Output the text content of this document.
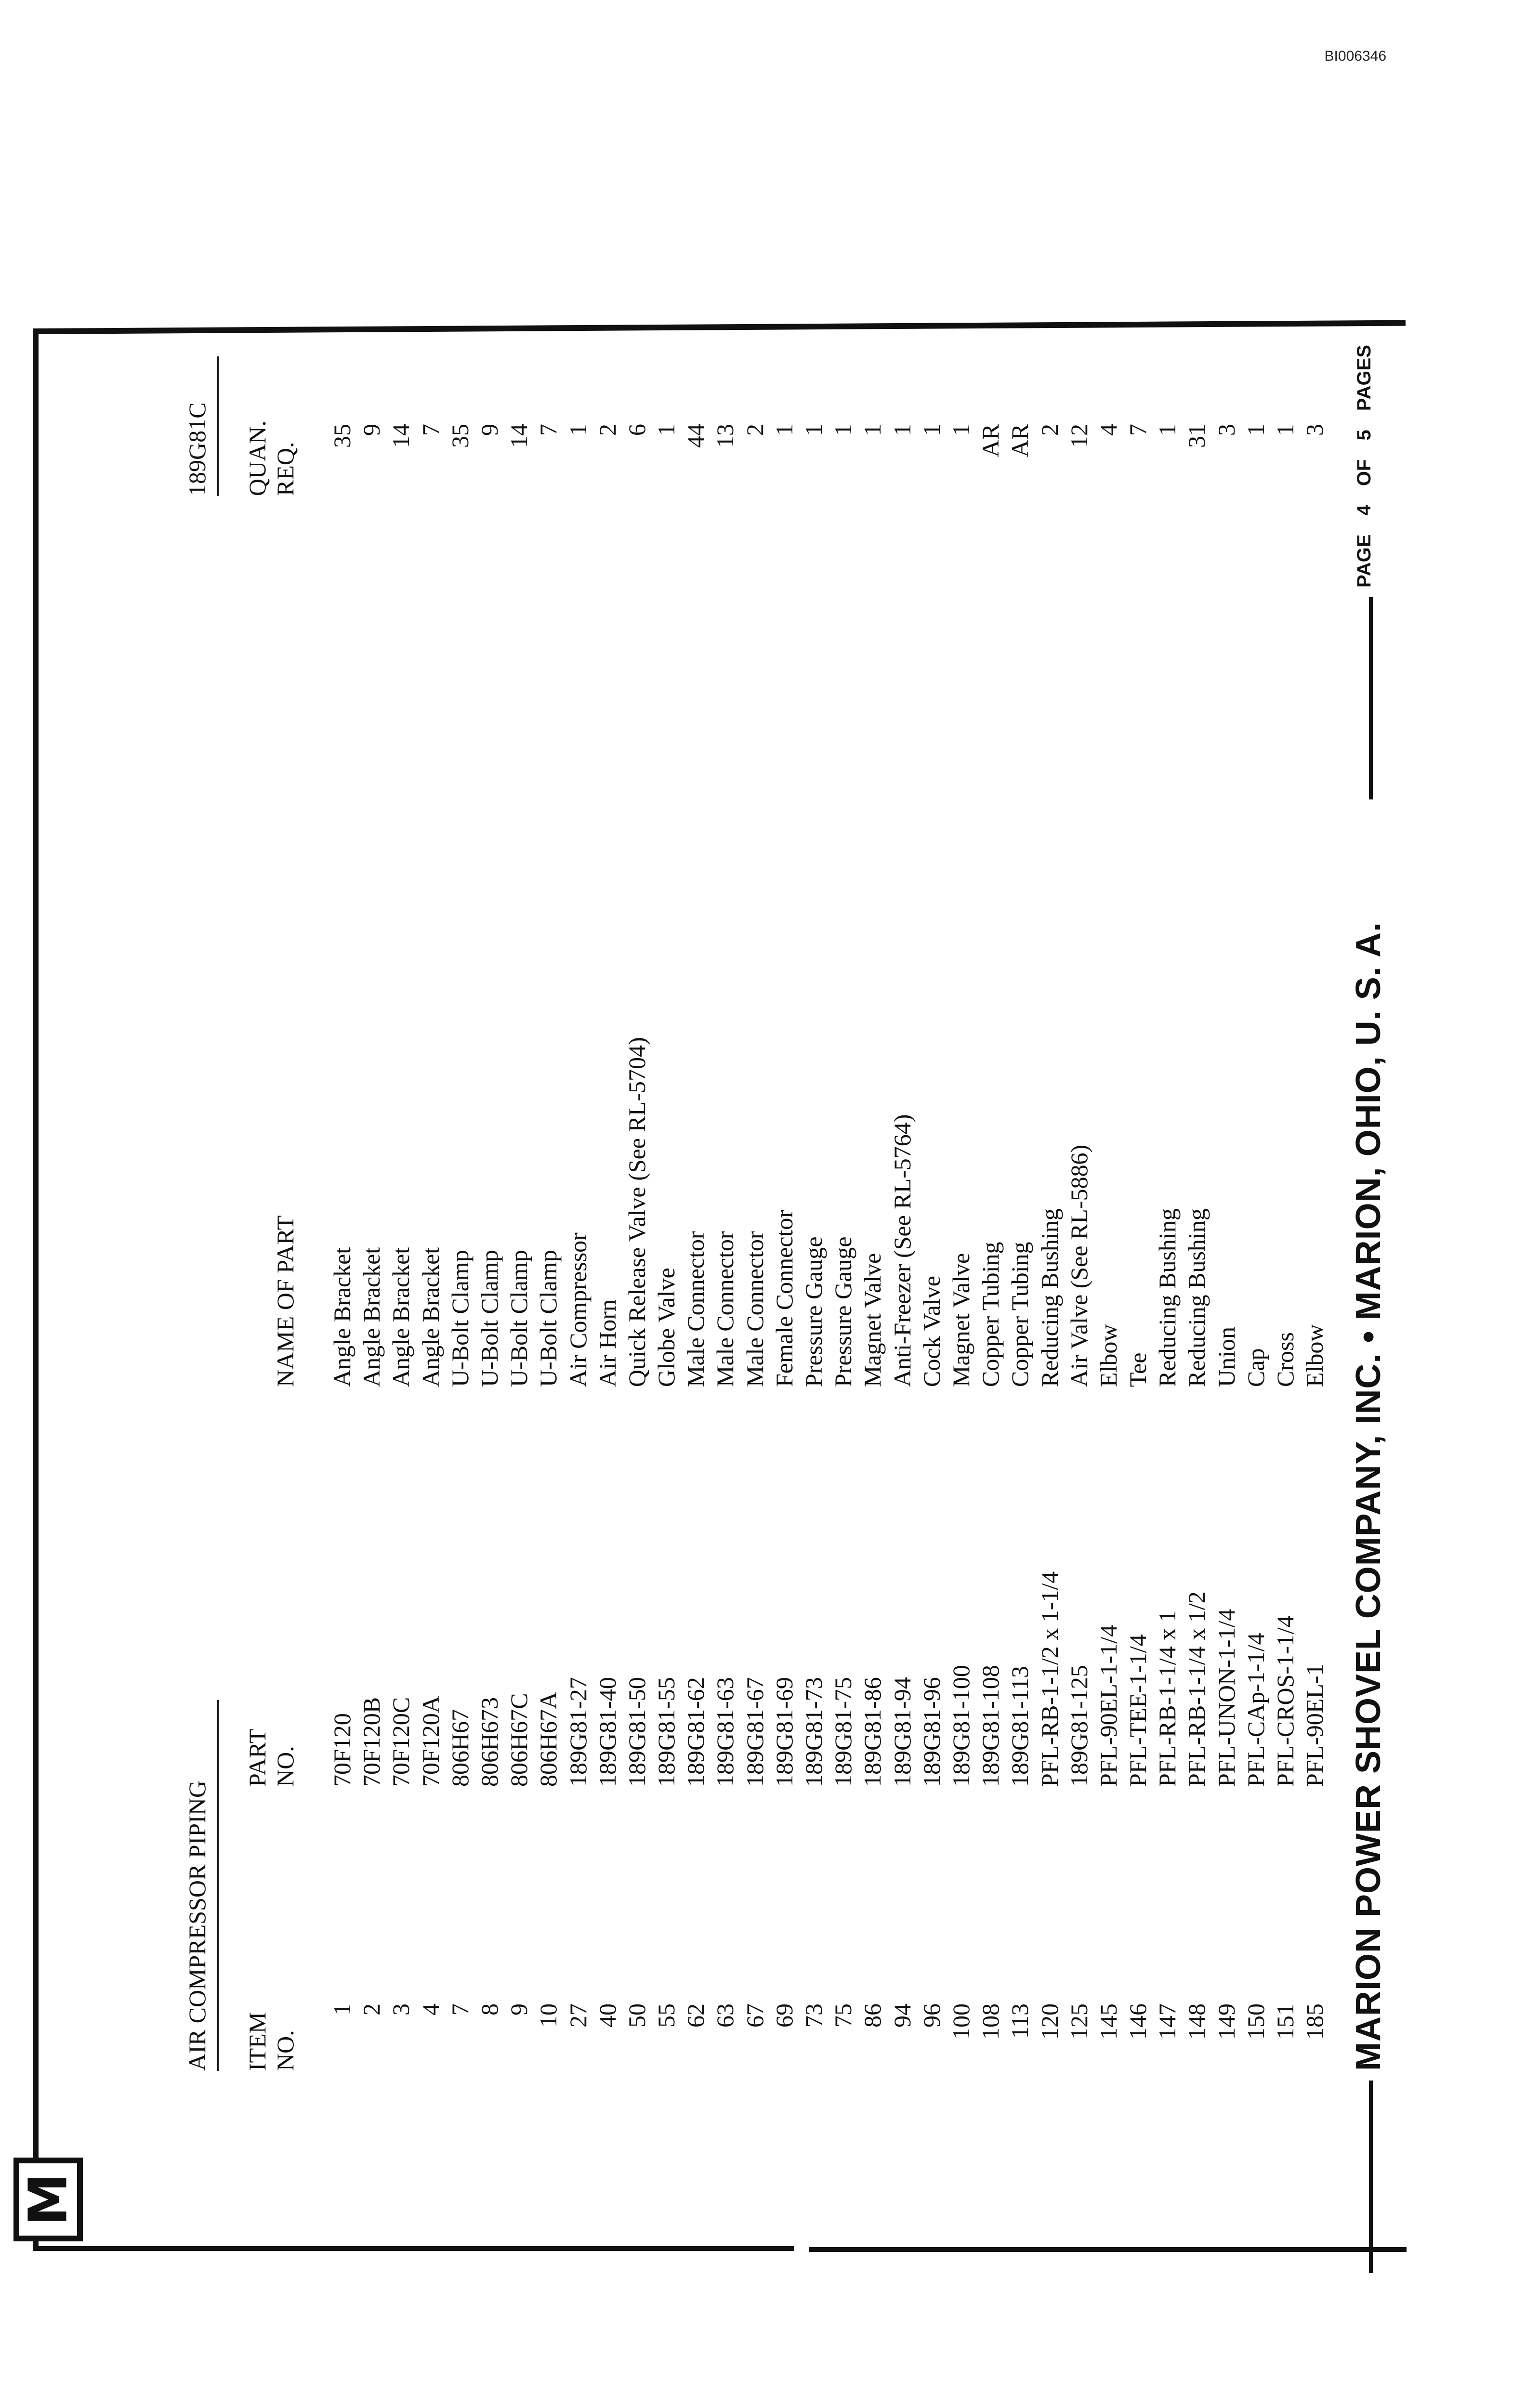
BI006346
M
AIR COMPRESSOR PIPING
189G81C
ITEM NO.
PART NO.
NAME OF PART
QUAN. REQ.
1
70F120
Angle Bracket
35
2
70F120B
Angle Bracket
9
3
70F120C
Angle Bracket
14
4
70F120A
Angle Bracket
7
7
806H67
U-Bolt Clamp
35
8
806H673
U-Bolt Clamp
9
9
806H67C
U-Bolt Clamp
14
10
806H67A
U-Bolt Clamp
7
27
189G81-27
Air Compressor
1
40
189G81-40
Air Horn
2
50
189G81-50
Quick Release Valve (See RL-5704)
6
55
189G81-55
Globe Valve
1
62
189G81-62
Male Connector
44
63
189G81-63
Male Connector
13
67
189G81-67
Male Connector
2
69
189G81-69
Female Connector
1
73
189G81-73
Pressure Gauge
1
75
189G81-75
Pressure Gauge
1
86
189G81-86
Magnet Valve
1
94
189G81-94
Anti-Freezer (See RL-5764)
1
96
189G81-96
Cock Valve
1
100
189G81-100
Magnet Valve
1
108
189G81-108
Copper Tubing
AR
113
189G81-113
Copper Tubing
AR
120
PFL-RB-1-1/2 x 1-1/4
Reducing Bushing
2
125
189G81-125
Air Valve (See RL-5886)
12
145
PFL-90EL-1-1/4
Elbow
4
146
PFL-TEE-1-1/4
Tee
7
147
PFL-RB-1-1/4 x 1
Reducing Bushing
1
148
PFL-RB-1-1/4 x 1/2
Reducing Bushing
31
149
PFL-UNON-1-1/4
Union
3
150
PFL-CAp-1-1/4
Cap
1
151
PFL-CROS-1-1/4
Cross
1
185
PFL-90EL-1
Elbow
3
MARION POWER SHOVEL COMPANY, INC. • MARION, OHIO, U. S. A.
PAGE 4 OF 5 PAGES
